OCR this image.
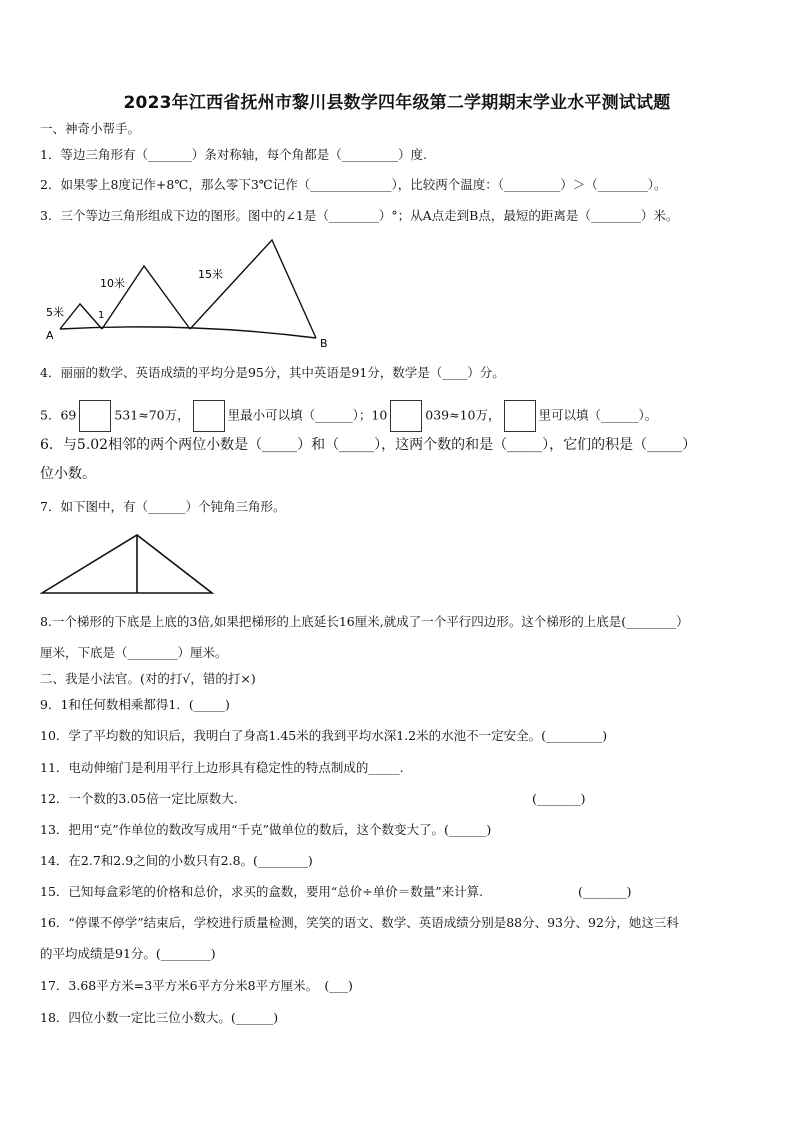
2023年江西省抚州市黎川县数学四年级第二学期期末学业水平测试试题
一、神奇小帮手。
1．等边三角形有（_______）条对称轴，每个角都是（_________）度.
2．如果零上8度记作+8℃，那么零下3℃记作（_____________），比较两个温度：（_________）＞（________）。
3．三个等边三角形组成下边的图形。图中的∠1是（________）°；从A点走到B点，最短的距离是（________）米。
5米
10米
15米
1
A
B
4．丽丽的数学、英语成绩的平均分是95分，其中英语是91分，数学是（____）分。
5．69	531≈70万，	里最小可以填（______）；10	039≈10万，	里可以填（______）。
6．与5.02相邻的两个两位小数是（_____）和（_____），这两个数的和是（_____），它们的积是（_____）
位小数。
7．如下图中，有（______）个钝角三角形。
8.一个梯形的下底是上底的3倍,如果把梯形的上底延长16厘米,就成了一个平行四边形。这个梯形的上底是(________）
厘米，下底是（________）厘米。
二、我是小法官。(对的打√，错的打×)
9．1和任何数相乘都得1．(_____)
10．学了平均数的知识后，我明白了身高1.45米的我到平均水深1.2米的水池不一定安全。(_________)
11．电动伸缩门是利用平行上边形具有稳定性的特点制成的_____.
12．一个数的3.05倍一定比原数大.	(_______)
13．把用“克”作单位的数改写成用“千克”做单位的数后，这个数变大了。(______)
14．在2.7和2.9之间的小数只有2.8。(________)
15．已知每盒彩笔的价格和总价，求买的盒数，要用“总价÷单价＝数量”来计算.	(_______)
16．“停课不停学”结束后，学校进行质量检测，笑笑的语文、数学、英语成绩分别是88分、93分、92分，她这三科
的平均成绩是91分。(________)
17．3.68平方米=3平方米6平方分米8平方厘米。　(___)
18．四位小数一定比三位小数大。(______)
